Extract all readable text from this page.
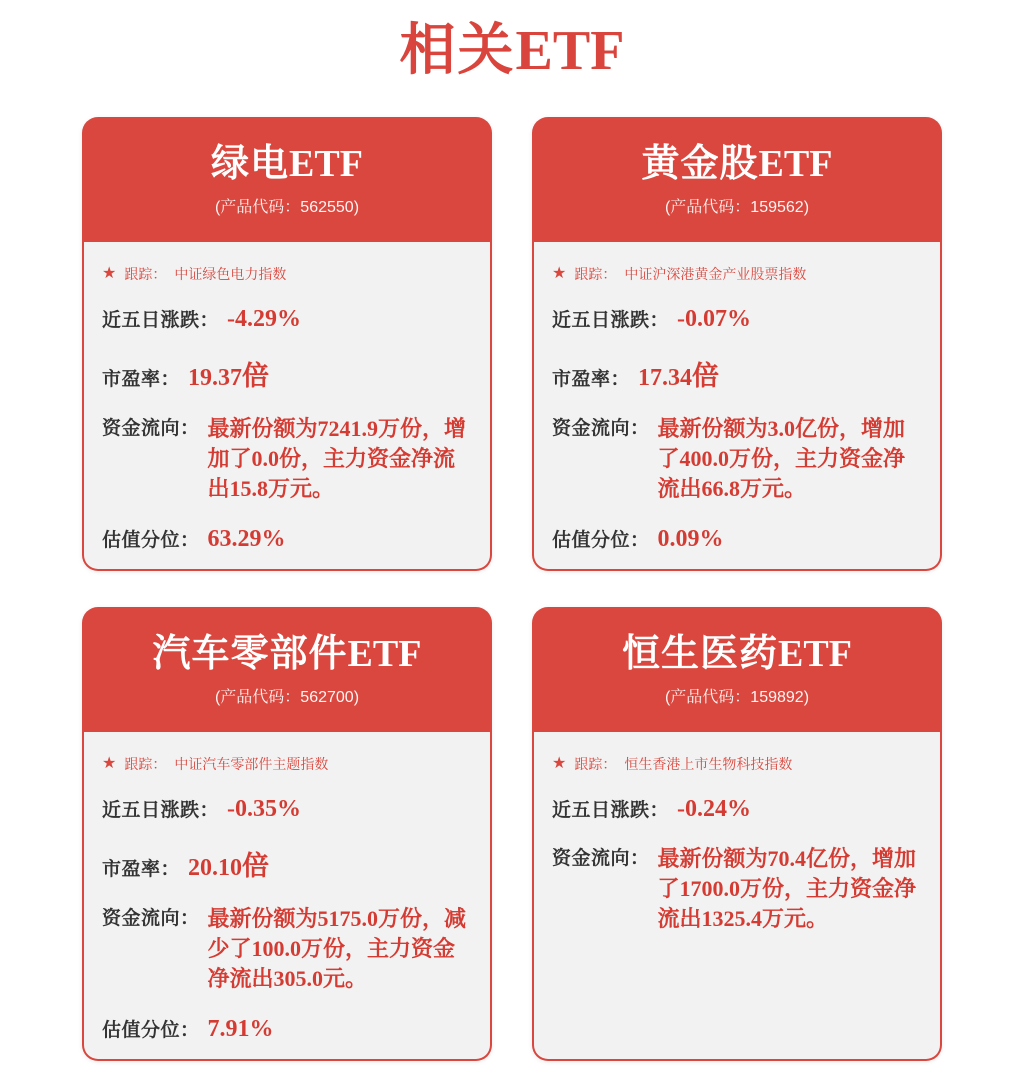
相关ETF
绿电ETF
(产品代码：562550)
★ 跟踪： 中证绿色电力指数
近五日涨跌： -4.29%
市盈率： 19.37倍
资金流向： 最新份额为7241.9万份，增加了0.0份，主力资金净流出15.8万元。
估值分位： 63.29%
黄金股ETF
(产品代码：159562)
★ 跟踪： 中证沪深港黄金产业股票指数
近五日涨跌： -0.07%
市盈率： 17.34倍
资金流向： 最新份额为3.0亿份，增加了400.0万份，主力资金净流出66.8万元。
估值分位： 0.09%
汽车零部件ETF
(产品代码：562700)
★ 跟踪： 中证汽车零部件主题指数
近五日涨跌： -0.35%
市盈率： 20.10倍
资金流向： 最新份额为5175.0万份，减少了100.0万份，主力资金净流出305.0元。
估值分位： 7.91%
恒生医药ETF
(产品代码：159892)
★ 跟踪： 恒生香港上市生物科技指数
近五日涨跌： -0.24%
资金流向： 最新份额为70.4亿份，增加了1700.0万份，主力资金净流出1325.4万元。
